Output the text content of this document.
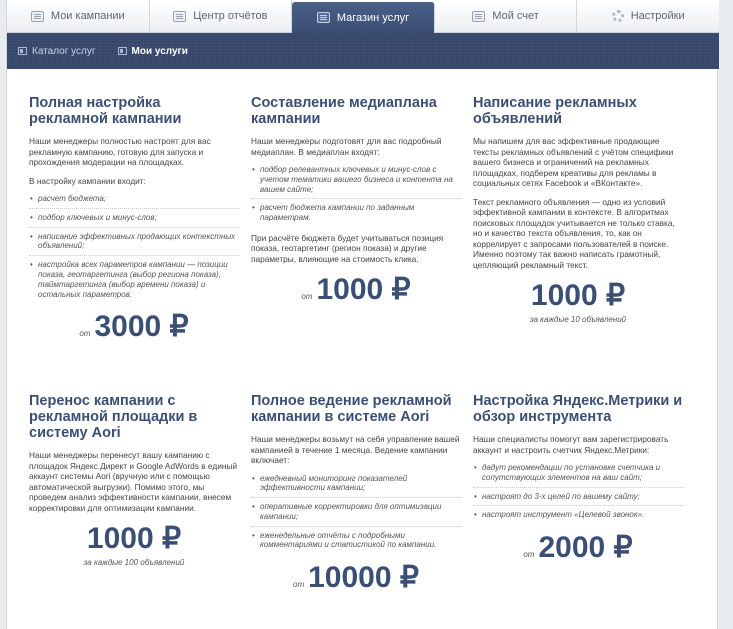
Мои кампании	Центр отчётов	Магазин услуг	Мой счет	Настройки
Каталог услуг	Мои услуги
Полная настройка рекламной кампании
Наши менеджеры полностью настроят для вас рекламную кампанию, готовую для запуска и прохождения модерации на площадках.
В настройку кампании входит:
• расчет бюджета;
• подбор ключевых и минус-слов;
• написание эффективных продающих контекстных объявлений;
• настройка всех параметров кампании — позиции показа, геотаргетинга (выбор региона показа), таймтаргетинга (выбор времени показа) и остальных параметров.
от 3000 ₽
Составление медиаплана кампании
Наши менеджеры подготовят для вас подробный медиаплан. В медиаплан входят:
• подбор релевантных ключевых и минус-слов с учетом тематики вашего бизнеса и контента на вашем сайте;
• расчет бюджета кампании по заданным параметрам.
При расчёте бюджета будет учитываться позиция показа, геотаргетинг (регион показа) и другие параметры, влияющие на стоимость клика.
от 1000 ₽
Написание рекламных объявлений
Мы напишем для вас эффективные продающие тексты рекламных объявлений с учётом специфики вашего бизнеса и ограничений на рекламных площадках, подберем креативы для рекламы в социальных сетях Facebook и «ВКонтакте».
Текст рекламного объявления — одно из условий эффективной кампании в контексте. В алгоритмах поисковых площадок учитывается не только ставка, но и качество текста объявления, то, как он коррелирует с запросами пользователей в поиске. Именно поэтому так важно написать грамотный, цепляющий рекламный текст.
1000 ₽
за каждые 10 объявлений
Перенос кампании с рекламной площадки в систему Aori
Наши менеджеры перенесут вашу кампанию с площадок Яндекс.Директ и Google AdWords в единый аккаунт системы Aori (вручную или с помощью автоматической выгрузки). Помимо этого, мы проведем анализ эффективности кампании, внесем корректировки для оптимизации кампании.
1000 ₽
за каждые 100 объявлений
Полное ведение рекламной кампании в системе Aori
Наши менеджеры возьмут на себя управление вашей кампанией в течение 1 месяца. Ведение кампании включает:
• ежедневный мониторинг показателей эффективности кампании;
• оперативные корректировки для оптимизации кампании;
• еженедельные отчёты с подробными комментариями и статистикой по кампании.
от 10000 ₽
Настройка Яндекс.Метрики и обзор инструмента
Наши специалисты помогут вам зарегистрировать аккаунт и настроить счетчик Яндекс.Метрики:
• дадут рекомендации по установке счетчика и сопутствующих элементов на ваш сайт;
• настроят до 3-х целей по вашему сайту;
• настроят инструмент «Целевой звонок».
от 2000 ₽
